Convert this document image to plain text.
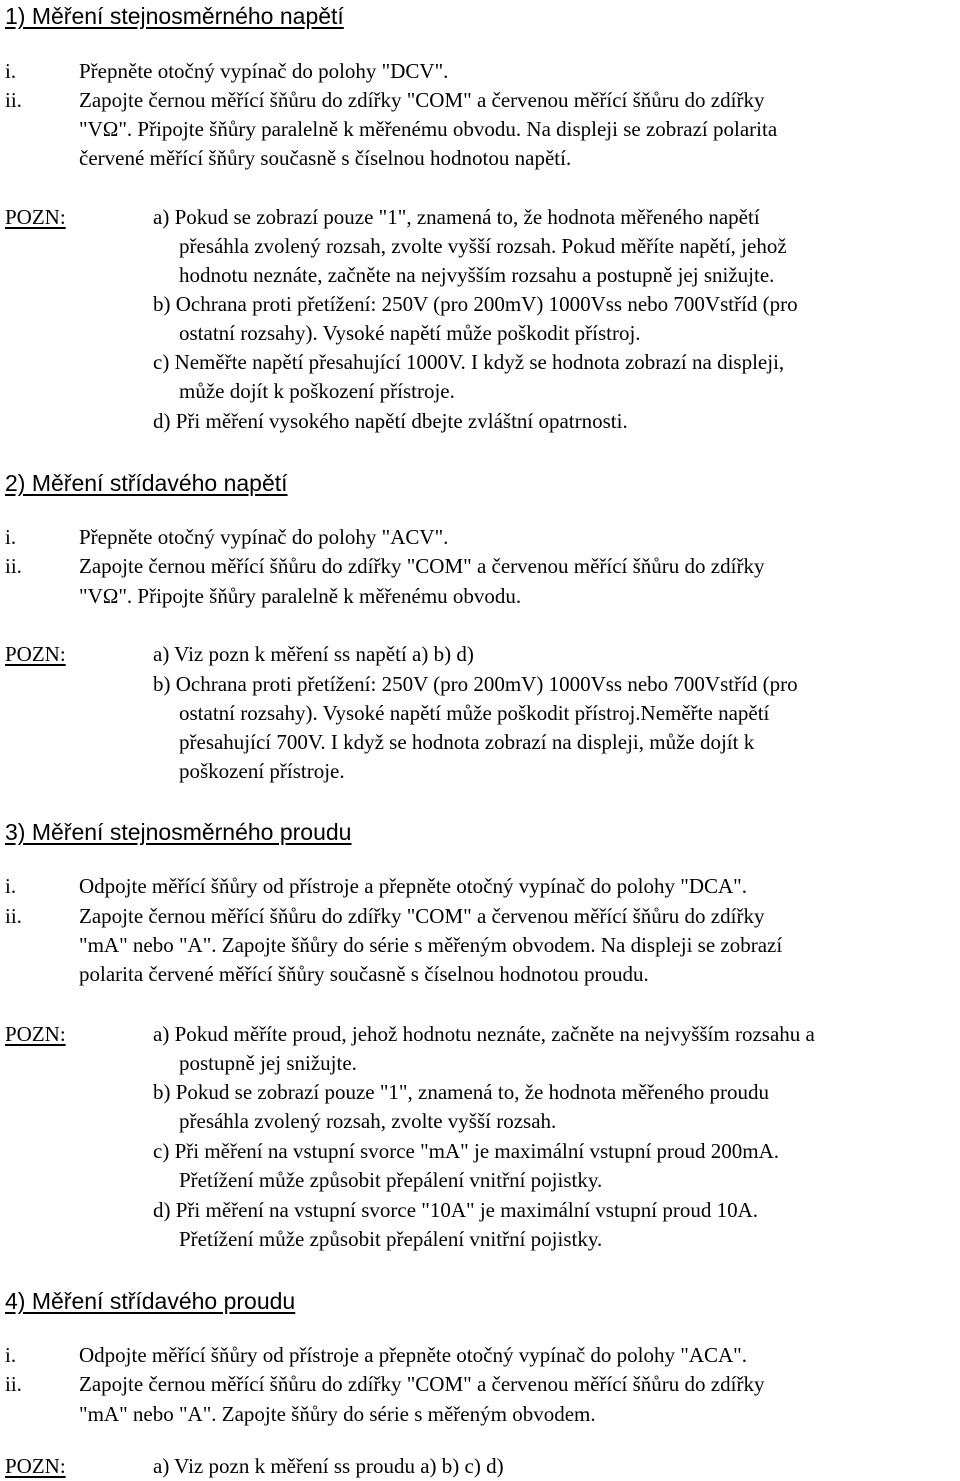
1) Měření stejnosměrného napětí
i.	Přepněte otočný vypínač do polohy "DCV".
ii.	Zapojte černou měřící šňůru do zdířky "COM" a červenou měřící šňůru do zdířky
"VΩ". Připojte šňůry paralelně k měřenému obvodu. Na displeji se zobrazí polarita
červené měřící šňůry současně s číselnou hodnotou napětí.
POZN:	a) Pokud se zobrazí pouze "1", znamená to, že hodnota měřeného napětí
přesáhla zvolený rozsah, zvolte vyšší rozsah. Pokud měříte napětí, jehož
hodnotu neznáte, začněte na nejvyšším rozsahu a postupně jej snižujte.
b) Ochrana proti přetížení: 250V (pro 200mV) 1000Vss nebo 700Vstříd (pro
ostatní rozsahy). Vysoké napětí může poškodit přístroj.
c) Neměřte napětí přesahující 1000V. I když se hodnota zobrazí na displeji,
může dojít k poškození přístroje.
d) Při měření vysokého napětí dbejte zvláštní opatrnosti.
2) Měření střídavého napětí
i.	Přepněte otočný vypínač do polohy "ACV".
ii.	Zapojte černou měřící šňůru do zdířky "COM" a červenou měřící šňůru do zdířky
"VΩ". Připojte šňůry paralelně k měřenému obvodu.
POZN:	a) Viz pozn k měření ss napětí a) b) d)
b) Ochrana proti přetížení: 250V (pro 200mV) 1000Vss nebo 700Vstříd (pro
ostatní rozsahy). Vysoké napětí může poškodit přístroj.Neměřte napětí
přesahující 700V. I když se hodnota zobrazí na displeji, může dojít k
poškození přístroje.
3) Měření stejnosměrného proudu
i.	Odpojte měřící šňůry od přístroje a přepněte otočný vypínač do polohy "DCA".
ii.	Zapojte černou měřící šňůru do zdířky "COM" a červenou měřící šňůru do zdířky
"mA" nebo "A". Zapojte šňůry do série s měřeným obvodem. Na displeji se zobrazí
polarita červené měřící šňůry současně s číselnou hodnotou proudu.
POZN:	a) Pokud měříte proud, jehož hodnotu neznáte, začněte na nejvyšším rozsahu a
postupně jej snižujte.
b) Pokud se zobrazí pouze "1", znamená to, že hodnota měřeného proudu
přesáhla zvolený rozsah, zvolte vyšší rozsah.
c) Při měření na vstupní svorce "mA" je maximální vstupní proud 200mA.
Přetížení může způsobit přepálení vnitřní pojistky.
d) Při měření na vstupní svorce "10A" je maximální vstupní proud 10A.
Přetížení může způsobit přepálení vnitřní pojistky.
4) Měření střídavého proudu
i.	Odpojte měřící šňůry od přístroje a přepněte otočný vypínač do polohy "ACA".
ii.	Zapojte černou měřící šňůru do zdířky "COM" a červenou měřící šňůru do zdířky
"mA" nebo "A". Zapojte šňůry do série s měřeným obvodem.
POZN:	a) Viz pozn k měření ss proudu a) b) c) d)
